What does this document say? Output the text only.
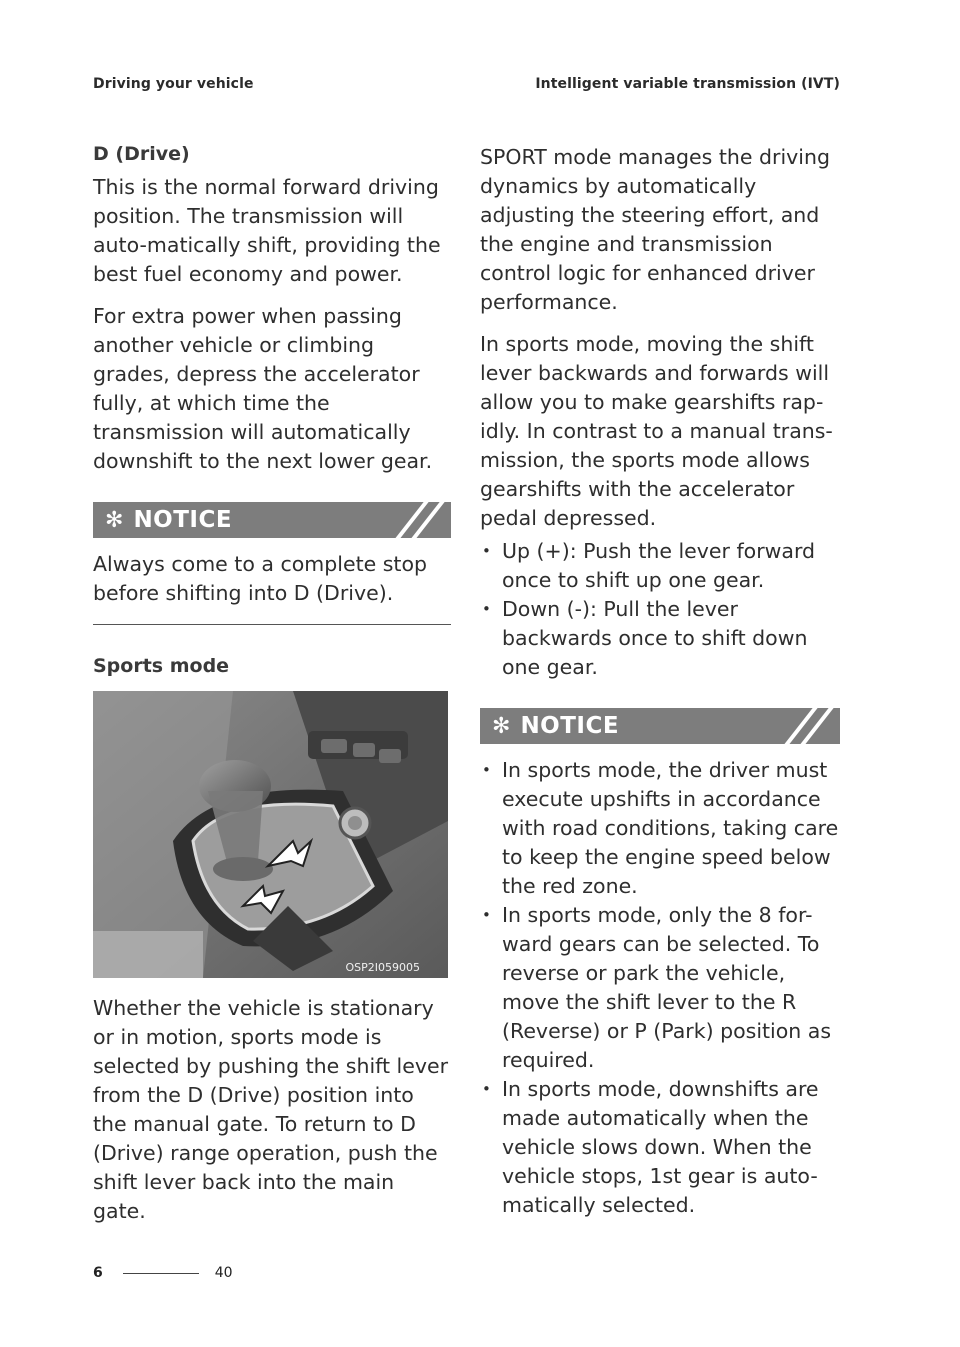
Driving your vehicle	Intelligent variable transmission (IVT)
D (Drive)

This is the normal forward driving position. The transmission will auto-matically shift, providing the best fuel economy and power.

For extra power when passing another vehicle or climbing grades, depress the accelerator fully, at which time the transmission will automatically downshift to the next lower gear.

✻ NOTICE

Always come to a complete stop before shifting into D (Drive).

Sports mode
OSP2I059005

Whether the vehicle is stationary or in motion, sports mode is selected by pushing the shift lever from the D (Drive) position into the manual gate. To return to D (Drive) range operation, push the shift lever back into the main gate.

SPORT mode manages the driving dynamics by automatically adjusting the steering effort, and the engine and transmission control logic for enhanced driver performance.

In sports mode, moving the shift lever backwards and forwards will allow you to make gearshifts rap-idly. In contrast to a manual trans-mission, the sports mode allows gearshifts with the accelerator pedal depressed.

• Up (+): Push the lever forward once to shift up one gear.
• Down (-): Pull the lever backwards once to shift down one gear.
✻ NOTICE
• In sports mode, the driver must execute upshifts in accordance with road conditions, taking care to keep the engine speed below the red zone.
• In sports mode, only the 8 for-ward gears can be selected. To reverse or park the vehicle, move the shift lever to the R (Reverse) or P (Park) position as required.
• In sports mode, downshifts are made automatically when the vehicle slows down. When the vehicle stops, 1st gear is auto-matically selected.
6	40
